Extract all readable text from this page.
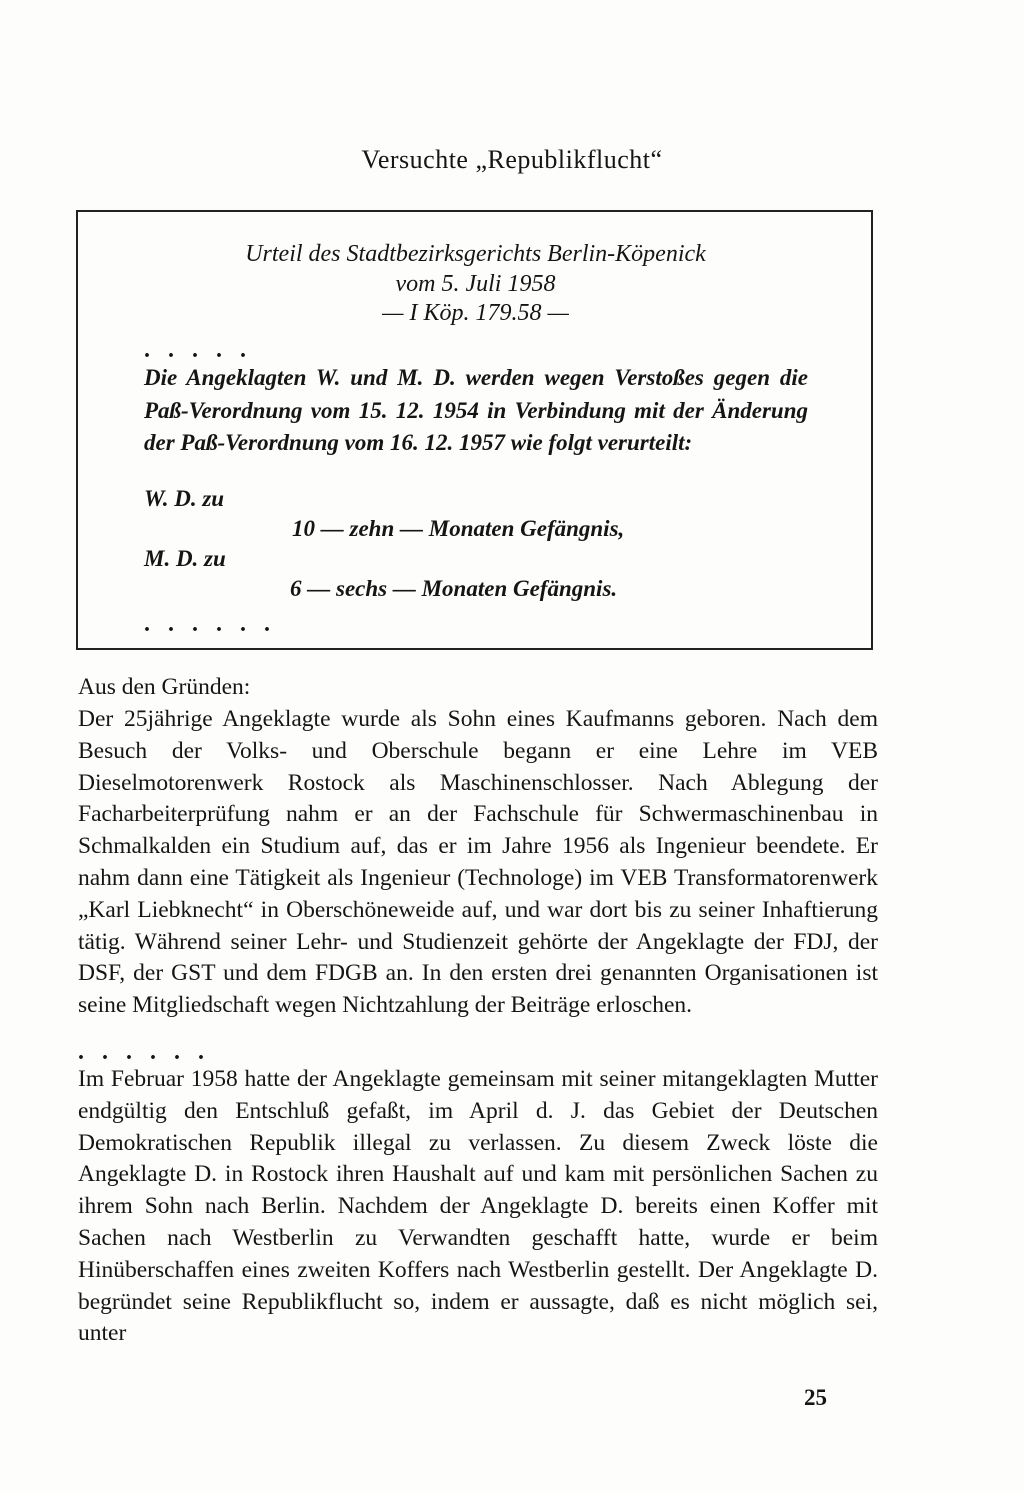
Versuchte „Republikflucht“
Urteil des Stadtbezirksgerichts Berlin-Köpenick
vom 5. Juli 1958
— I Köp. 179.58 —
. . . . .
Die Angeklagten W. und M. D. werden wegen Verstoßes gegen die Paß-Verordnung vom 15. 12. 1954 in Verbindung mit der Änderung der Paß-Verordnung vom 16. 12. 1957 wie folgt verurteilt:
W. D. zu
10 — zehn — Monaten Gefängnis,
M. D. zu
6 — sechs — Monaten Gefängnis.
. . . . . .
Aus den Gründen:
Der 25jährige Angeklagte wurde als Sohn eines Kaufmanns geboren. Nach dem Besuch der Volks- und Oberschule begann er eine Lehre im VEB Dieselmotorenwerk Rostock als Maschinenschlosser. Nach Ablegung der Facharbeiterprüfung nahm er an der Fachschule für Schwermaschinenbau in Schmalkalden ein Studium auf, das er im Jahre 1956 als Ingenieur beendete. Er nahm dann eine Tätigkeit als Ingenieur (Technologe) im VEB Transformatorenwerk „Karl Liebknecht“ in Oberschöneweide auf, und war dort bis zu seiner Inhaftierung tätig. Während seiner Lehr- und Studienzeit gehörte der Angeklagte der FDJ, der DSF, der GST und dem FDGB an. In den ersten drei genannten Organisationen ist seine Mitgliedschaft wegen Nichtzahlung der Beiträge erloschen.
. . . . . .
Im Februar 1958 hatte der Angeklagte gemeinsam mit seiner mitangeklagten Mutter endgültig den Entschluß gefaßt, im April d. J. das Gebiet der Deutschen Demokratischen Republik illegal zu verlassen. Zu diesem Zweck löste die Angeklagte D. in Rostock ihren Haushalt auf und kam mit persönlichen Sachen zu ihrem Sohn nach Berlin. Nachdem der Angeklagte D. bereits einen Koffer mit Sachen nach Westberlin zu Verwandten geschafft hatte, wurde er beim Hinüberschaffen eines zweiten Koffers nach Westberlin gestellt. Der Angeklagte D. begründet seine Republikflucht so, indem er aussagte, daß es nicht möglich sei, unter
25
